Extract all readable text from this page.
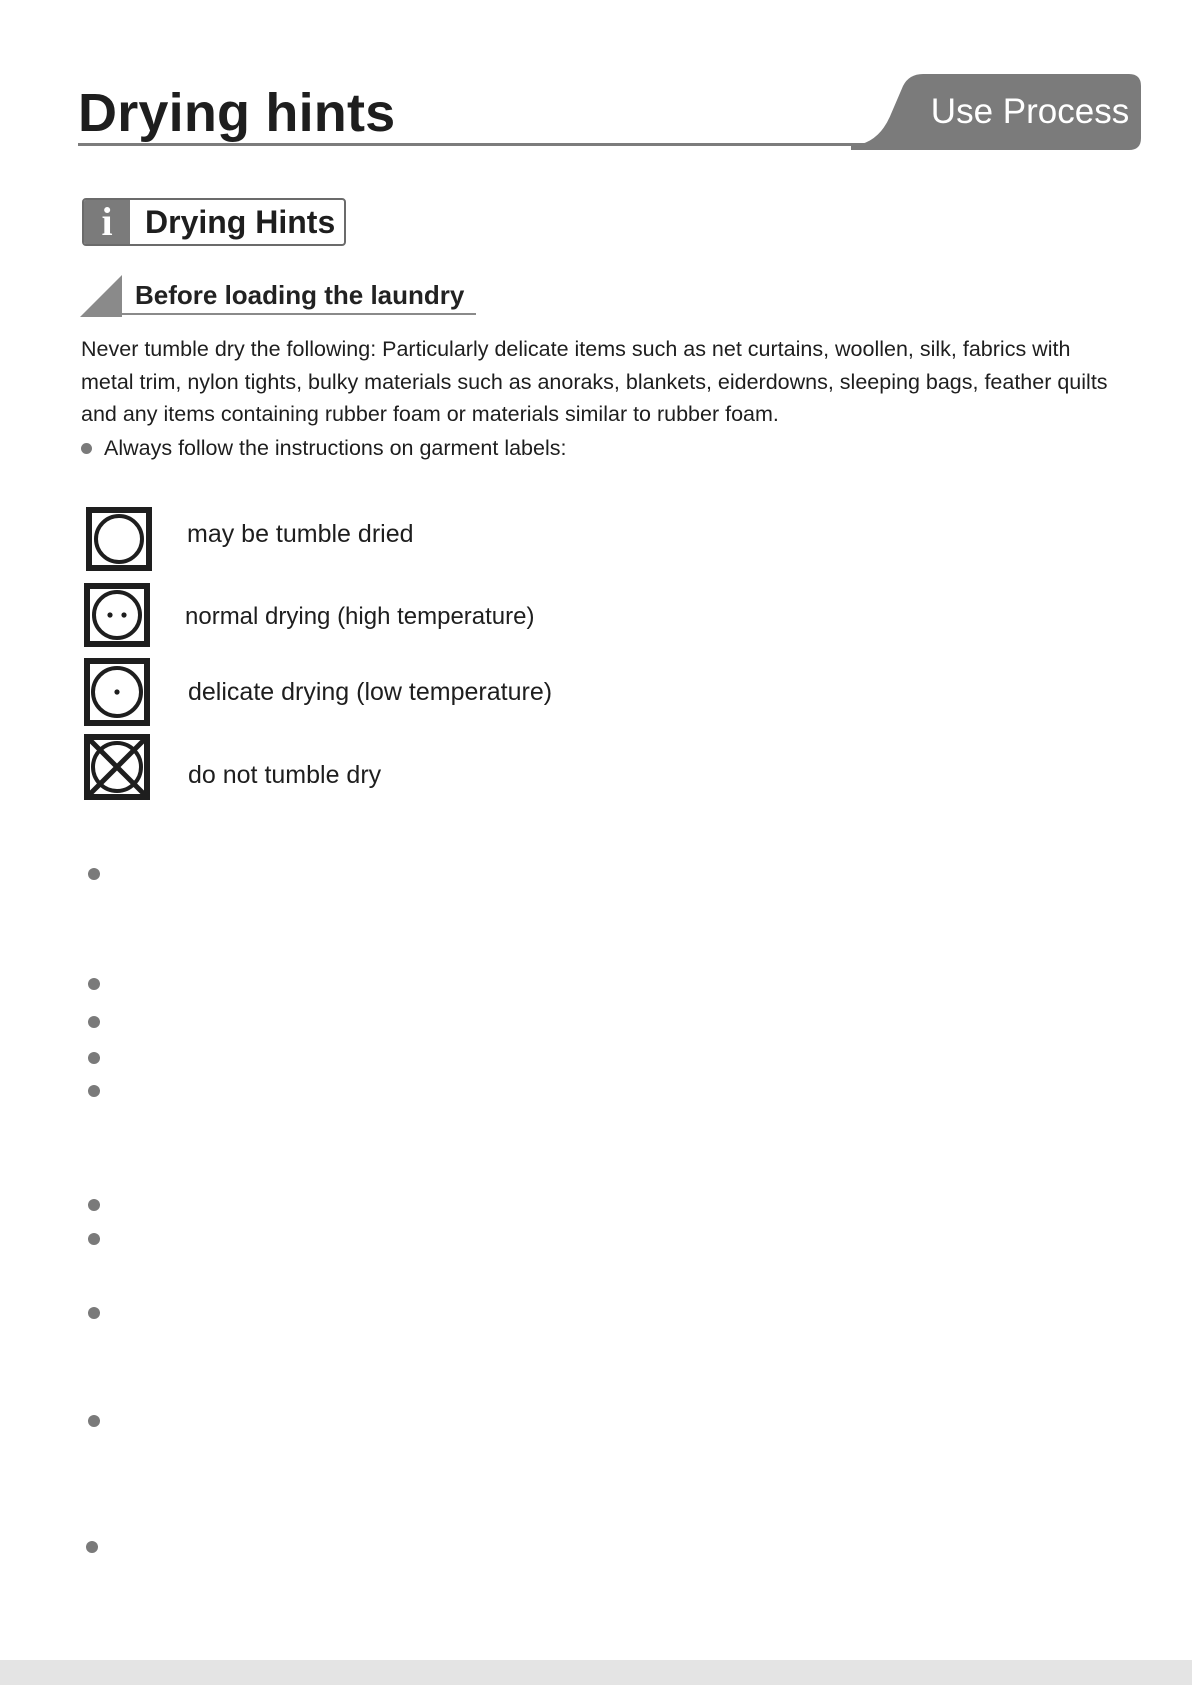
Drying hints	Use Process
i	Drying Hints
Before loading the laundry
Never tumble dry the following: Particularly delicate items such as net curtains, woollen, silk, fabrics with metal trim, nylon tights, bulky materials such as anoraks, blankets, eiderdowns, sleeping bags, feather quilts and any items containing rubber foam or materials similar to rubber foam.
Always follow the instructions on garment labels:
may be tumble dried
normal drying (high temperature)
delicate drying (low temperature)
do not tumble dry
